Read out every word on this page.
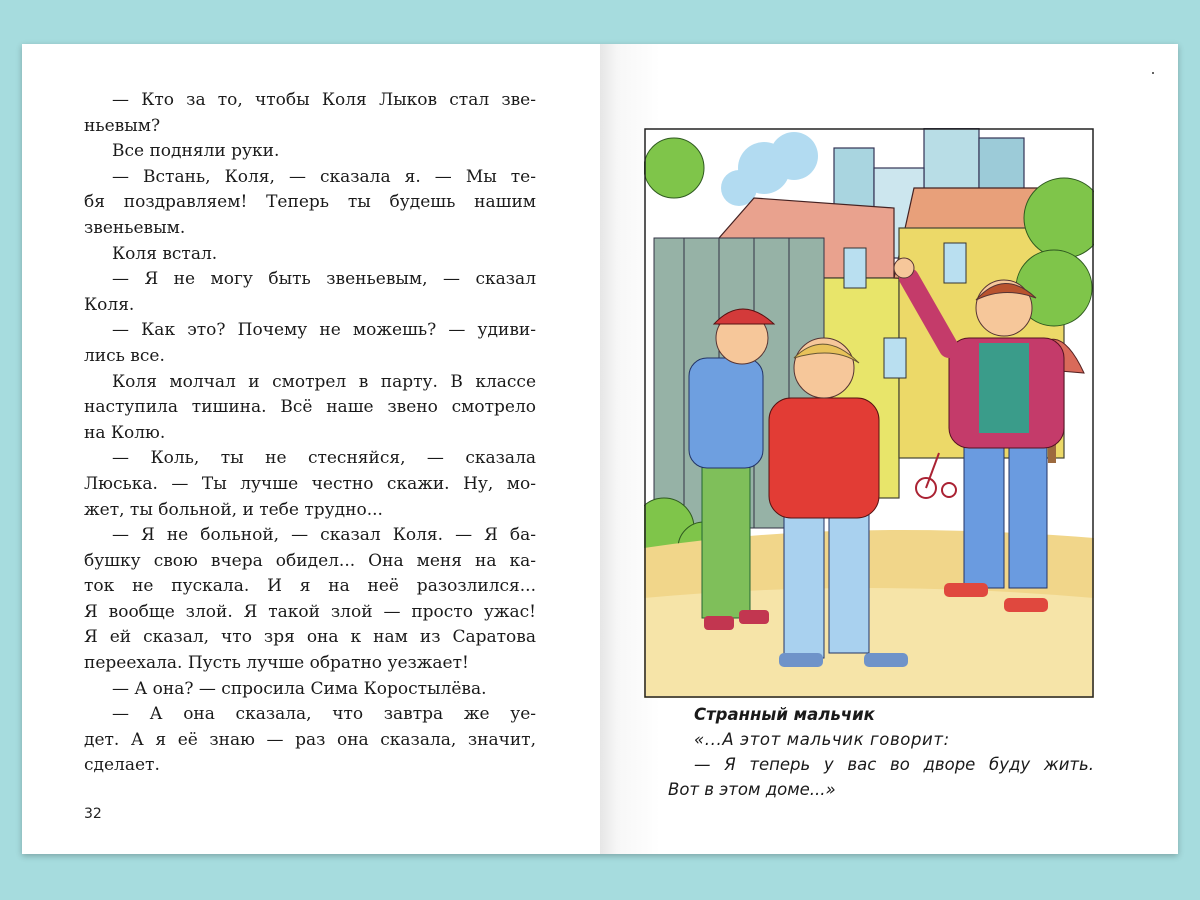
— Кто за то, чтобы Коля Лыков стал зве-
ньевым?
Все подняли руки.
— Встань, Коля, — сказала я. — Мы те-
бя поздравляем! Теперь ты будешь нашим
звеньевым.
Коля встал.
— Я не могу быть звеньевым, — сказал
Коля.
— Как это? Почему не можешь? — удиви-
лись все.
Коля молчал и смотрел в парту. В классе
наступила тишина. Всё наше звено смотрело
на Колю.
— Коль, ты не стесняйся, — сказала
Люська. — Ты лучше честно скажи. Ну, мо-
жет, ты больной, и тебе трудно...
— Я не больной, — сказал Коля. — Я ба-
бушку свою вчера обидел... Она меня на ка-
ток не пускала. И я на неё разозлился...
Я вообще злой. Я такой злой — просто ужас!
Я ей сказал, что зря она к нам из Саратова
переехала. Пусть лучше обратно уезжает!
— А она? — спросила Сима Коростылёва.
— А она сказала, что завтра же уе-
дет. А я её знаю — раз она сказала, значит,
сделает.
32
Странный мальчик
«...А этот мальчик говорит:
— Я теперь у вас во дворе буду жить.
Вот в этом доме...»
